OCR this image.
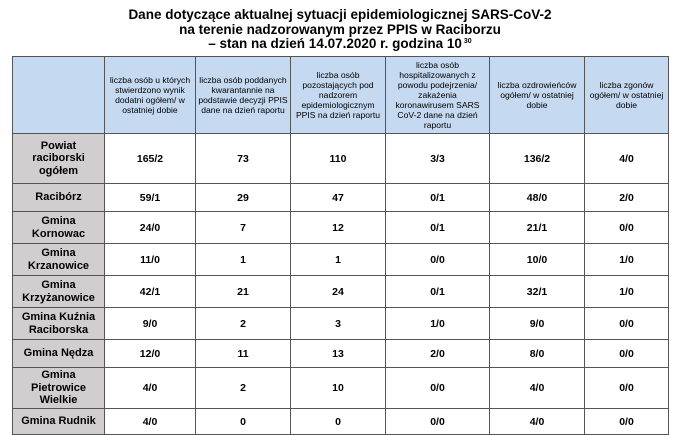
Dane dotyczące aktualnej sytuacji epidemiologicznej SARS-CoV-2
na terenie nadzorowanym przez PPIS w Raciborzu
– stan na dzień 14.07.2020 r. godzina 10 $^{30}$
	liczba osób u których stwierdzono wynik dodatni ogółem/ w ostatniej dobie	liczba osób poddanych kwarantannie na podstawie decyzji PPIS dane na dzień raportu	liczba osób pozostających pod nadzorem epidemiologicznym PPIS na dzień raportu	liczba osób hospitalizowanych z powodu podejrzenia/ zakażenia koronawirusem SARS CoV-2 dane na dzień raportu	liczba ozdrowieńców ogółem/ w ostatniej dobie	liczba zgonów ogółem/ w ostatniej dobie
Powiat raciborski ogółem	165/2	73	110	3/3	136/2	4/0
Racibórz	59/1	29	47	0/1	48/0	2/0
Gmina Kornowac	24/0	7	12	0/1	21/1	0/0
Gmina Krzanowice	11/0	1	1	0/0	10/0	1/0
Gmina Krzyżanowice	42/1	21	24	0/1	32/1	1/0
Gmina Kuźnia Raciborska	9/0	2	3	1/0	9/0	0/0
Gmina Nędza	12/0	11	13	2/0	8/0	0/0
Gmina Pietrowice Wielkie	4/0	2	10	0/0	4/0	0/0
Gmina Rudnik	4/0	0	0	0/0	4/0	0/0
